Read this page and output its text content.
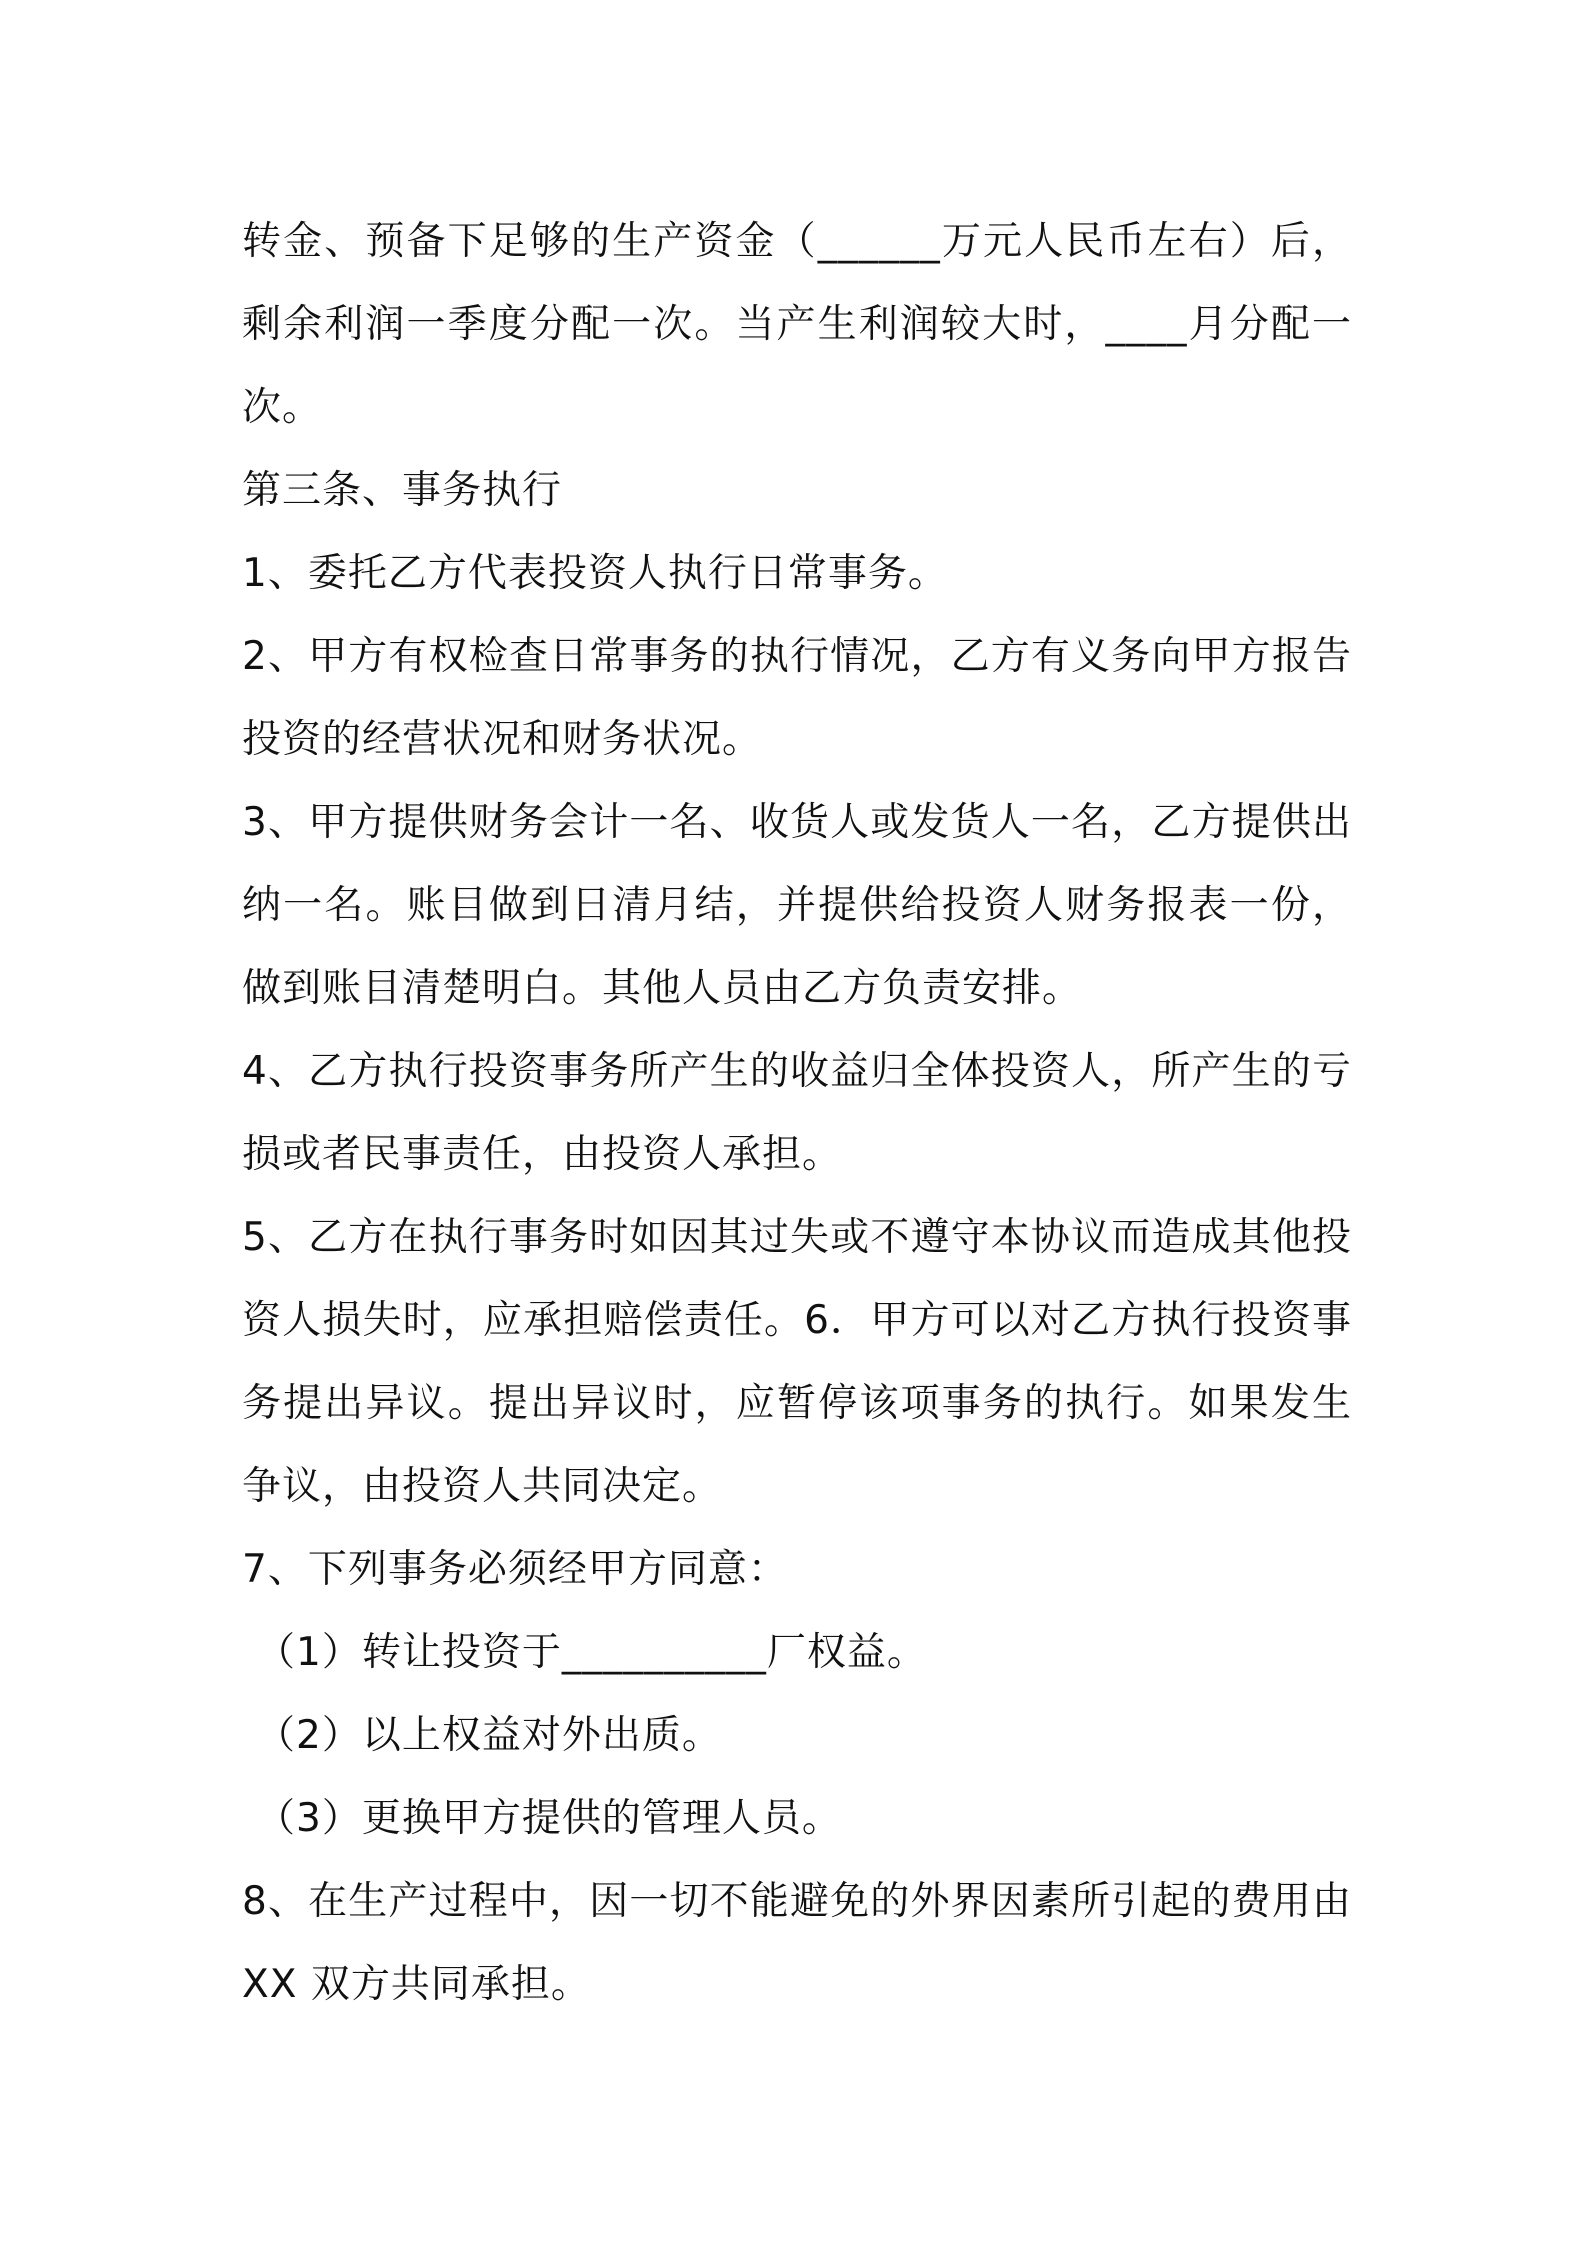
转金、预备下足够的生产资金（______万元人民币左右）后，剩余利润一季度分配一次。当产生利润较大时，____月分配一次。

第三条、事务执行

1、委托乙方代表投资人执行日常事务。

2、甲方有权检查日常事务的执行情况，乙方有义务向甲方报告投资的经营状况和财务状况。

3、甲方提供财务会计一名、收货人或发货人一名，乙方提供出纳一名。账目做到日清月结，并提供给投资人财务报表一份，做到账目清楚明白。其他人员由乙方负责安排。

4、乙方执行投资事务所产生的收益归全体投资人，所产生的亏损或者民事责任，由投资人承担。

5、乙方在执行事务时如因其过失或不遵守本协议而造成其他投资人损失时，应承担赔偿责任。6．甲方可以对乙方执行投资事务提出异议。提出异议时，应暂停该项事务的执行。如果发生争议，由投资人共同决定。

7、下列事务必须经甲方同意：

（1）转让投资于__________厂权益。

（2）以上权益对外出质。

（3）更换甲方提供的管理人员。

8、在生产过程中，因一切不能避免的外界因素所引起的费用由XX 双方共同承担。
